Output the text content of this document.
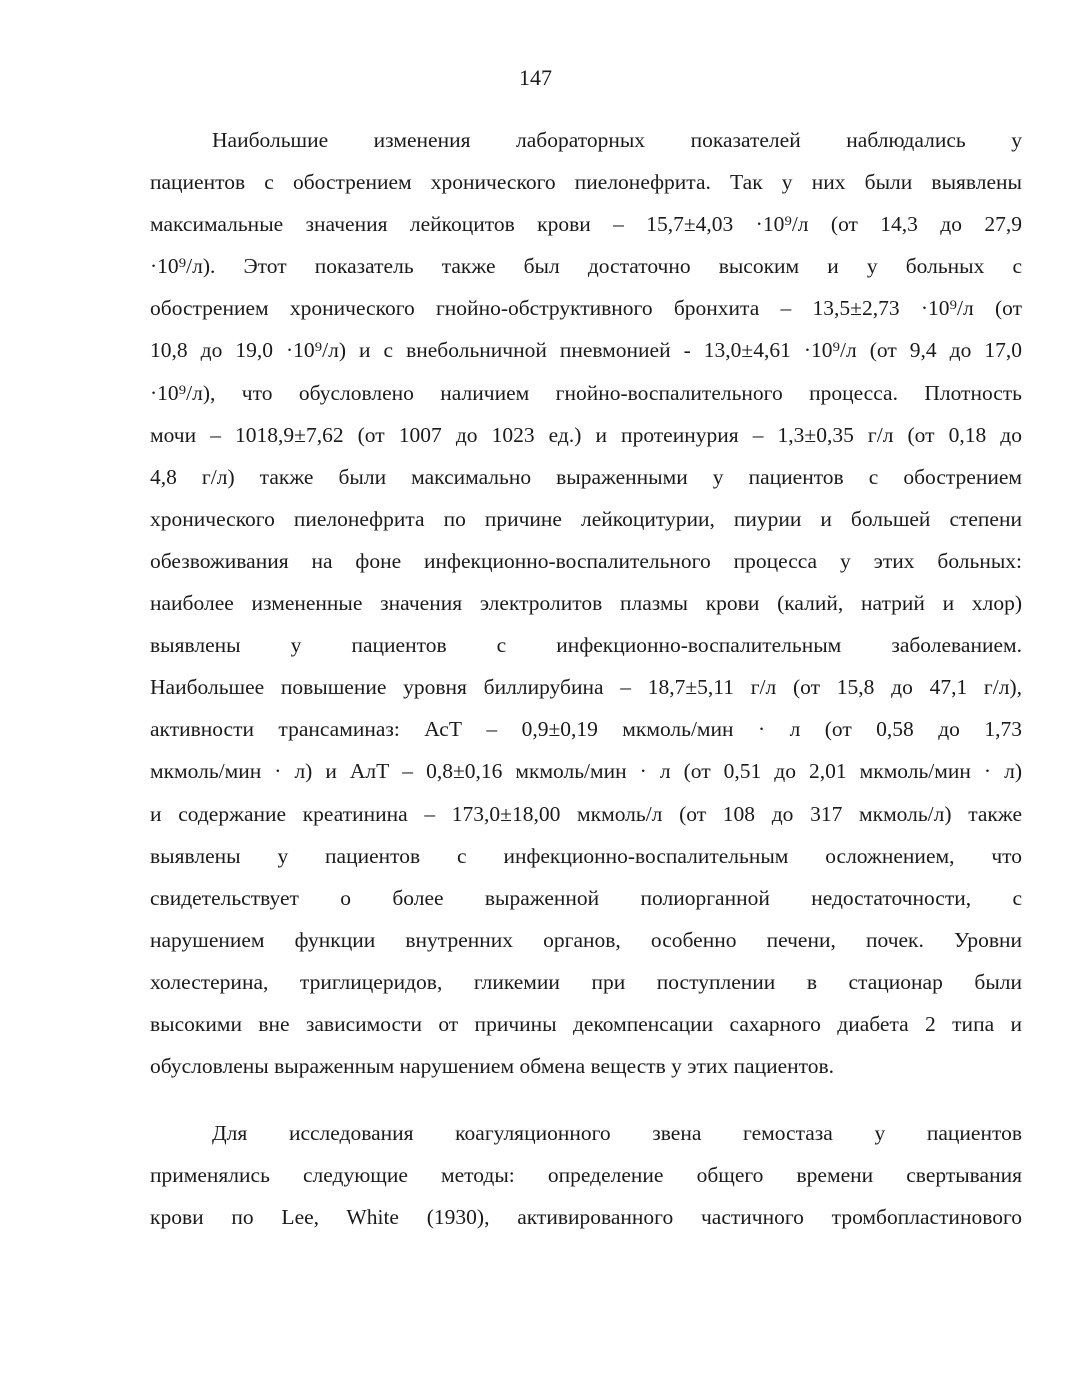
147
Наибольшие изменения лабораторных показателей наблюдались у
пациентов с обострением хронического пиелонефрита. Так у них были выявлены
максимальные значения лейкоцитов крови – 15,7±4,03 ·10⁹/л (от 14,3 до 27,9
·10⁹/л). Этот показатель также был достаточно высоким и у больных с
обострением хронического гнойно-обструктивного бронхита – 13,5±2,73 ·10⁹/л (от
10,8 до 19,0 ·10⁹/л) и с внебольничной пневмонией - 13,0±4,61 ·10⁹/л (от 9,4 до 17,0
·10⁹/л), что обусловлено наличием гнойно-воспалительного процесса. Плотность
мочи – 1018,9±7,62 (от 1007 до 1023 ед.) и протеинурия – 1,3±0,35 г/л (от 0,18 до
4,8 г/л) также были максимально выраженными у пациентов с обострением
хронического пиелонефрита по причине лейкоцитурии, пиурии и большей степени
обезвоживания на фоне инфекционно-воспалительного процесса у этих больных:
наиболее измененные значения электролитов плазмы крови (калий, натрий и хлор)
выявлены у пациентов с инфекционно-воспалительным заболеванием.
Наибольшее повышение уровня биллирубина – 18,7±5,11 г/л (от 15,8 до 47,1 г/л),
активности трансаминаз: АсТ – 0,9±0,19 мкмоль/мин · л (от 0,58 до 1,73
мкмоль/мин · л) и АлТ – 0,8±0,16 мкмоль/мин · л (от 0,51 до 2,01 мкмоль/мин · л)
и содержание креатинина – 173,0±18,00 мкмоль/л (от 108 до 317 мкмоль/л) также
выявлены у пациентов с инфекционно-воспалительным осложнением, что
свидетельствует о более выраженной полиорганной недостаточности, с
нарушением функции внутренних органов, особенно печени, почек. Уровни
холестерина, триглицеридов, гликемии при поступлении в стационар были
высокими вне зависимости от причины декомпенсации сахарного диабета 2 типа и
обусловлены выраженным нарушением обмена веществ у этих пациентов.
Для исследования коагуляционного звена гемостаза у пациентов
применялись следующие методы: определение общего времени свертывания
крови по Lee, White (1930), активированного частичного тромбопластинового
